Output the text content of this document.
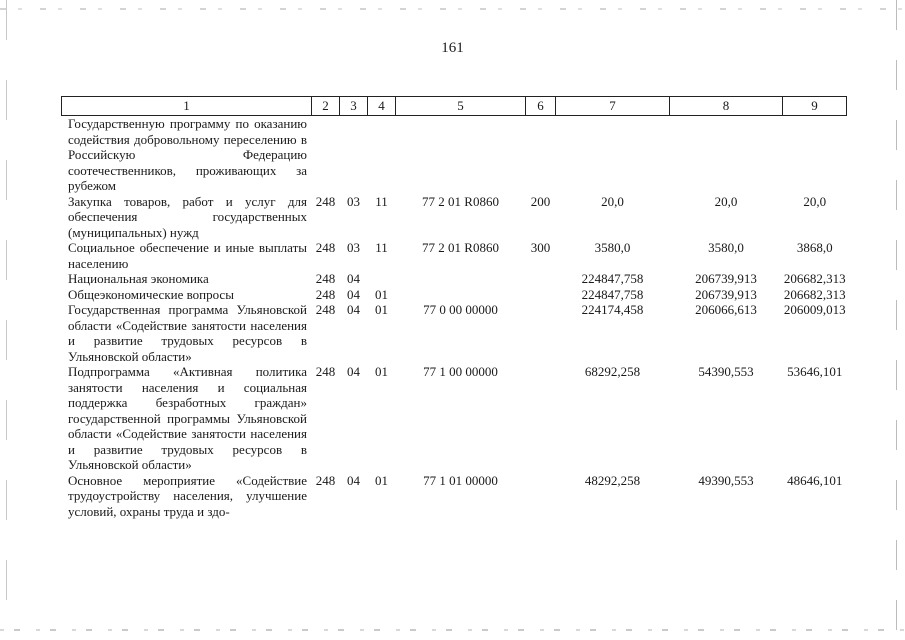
161
1	2	3	4	5	6	7	8	9
Государственную программу по оказанию содействия добровольному переселению в Российскую Федерацию соотечественников, проживающих за рубежом								
Закупка товаров, работ и услуг для обеспечения государственных (муниципальных) нужд	248	03	11	77 2 01 R0860	200	20,0	20,0	20,0
Социальное обеспечение и иные выплаты населению	248	03	11	77 2 01 R0860	300	3580,0	3580,0	3868,0
Национальная экономика	248	04				224847,758	206739,913	206682,313
Общеэкономические вопросы	248	04	01			224847,758	206739,913	206682,313
Государственная программа Ульяновской области «Содействие занятости населения и развитие трудовых ресурсов в Ульяновской области»	248	04	01	77 0 00 00000		224174,458	206066,613	206009,013
Подпрограмма «Активная политика занятости населения и социальная поддержка безработных граждан» государственной программы Ульяновской области «Содействие занятости населения и развитие трудовых ресурсов в Ульяновской области»	248	04	01	77 1 00 00000		68292,258	54390,553	53646,101
Основное мероприятие «Содействие трудоустройству населения, улучшение условий, охраны труда и здо-	248	04	01	77 1 01 00000		48292,258	49390,553	48646,101
